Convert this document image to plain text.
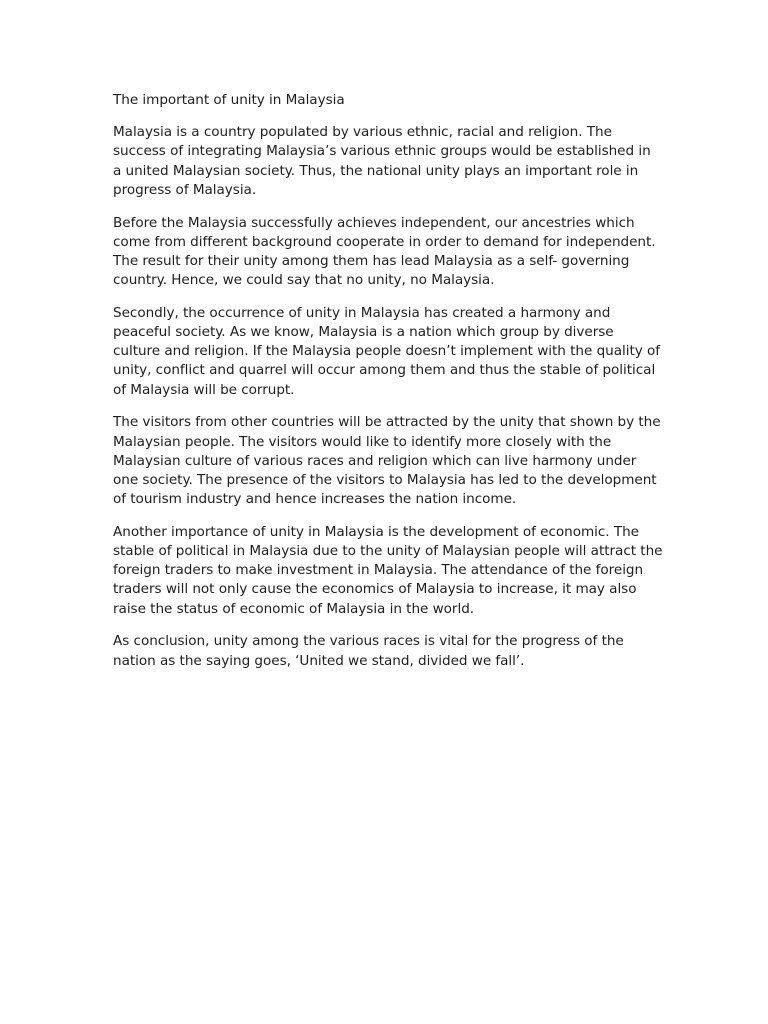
The important of unity in Malaysia

Malaysia is a country populated by various ethnic, racial and religion. The success of integrating Malaysia’s various ethnic groups would be established in a united Malaysian society. Thus, the national unity plays an important role in progress of Malaysia.

Before the Malaysia successfully achieves independent, our ancestries which come from different background cooperate in order to demand for independent. The result for their unity among them has lead Malaysia as a self- governing country. Hence, we could say that no unity, no Malaysia.

Secondly, the occurrence of unity in Malaysia has created a harmony and peaceful society. As we know, Malaysia is a nation which group by diverse culture and religion. If the Malaysia people doesn’t implement with the quality of unity, conflict and quarrel will occur among them and thus the stable of political of Malaysia will be corrupt.

The visitors from other countries will be attracted by the unity that shown by the Malaysian people. The visitors would like to identify more closely with the Malaysian culture of various races and religion which can live harmony under one society. The presence of the visitors to Malaysia has led to the development of tourism industry and hence increases the nation income.

Another importance of unity in Malaysia is the development of economic. The stable of political in Malaysia due to the unity of Malaysian people will attract the foreign traders to make investment in Malaysia. The attendance of the foreign traders will not only cause the economics of Malaysia to increase, it may also raise the status of economic of Malaysia in the world.

As conclusion, unity among the various races is vital for the progress of the nation as the saying goes, ‘United we stand, divided we fall’.
